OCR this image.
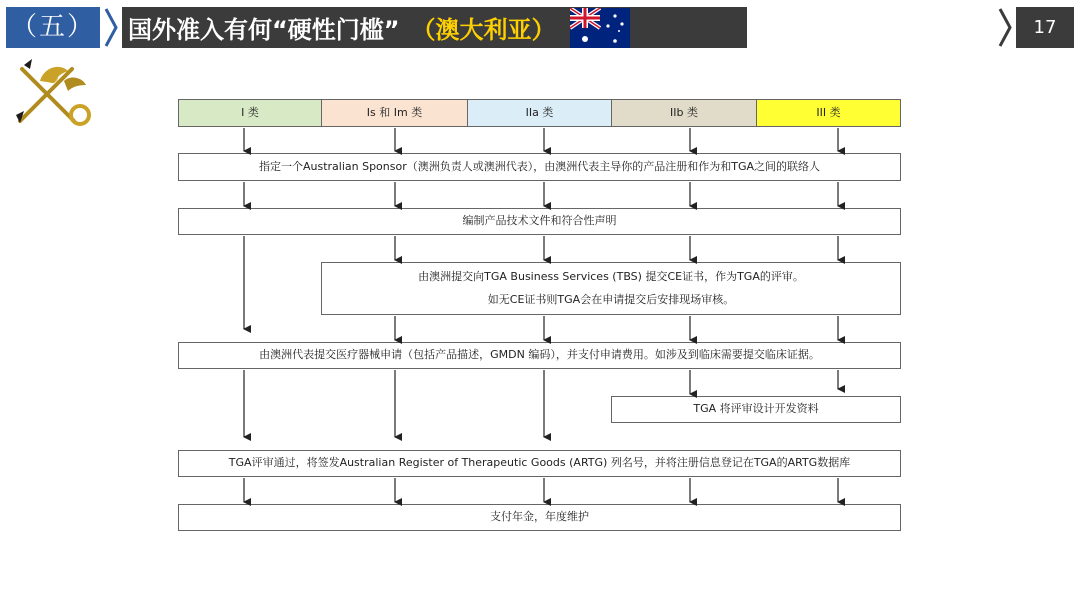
（五） 国外准入有何“硬性门槛” （澳大利亚）	17
I 类	Is 和 Im 类	IIa 类	IIb 类	III 类
指定一个Australian Sponsor（澳洲负责人或澳洲代表），由澳洲代表主导你的产品注册和作为和TGA之间的联络人
编制产品技术文件和符合性声明
由澳洲提交向TGA Business Services (TBS) 提交CE证书，作为TGA的评审。
如无CE证书则TGA会在申请提交后安排现场审核。
由澳洲代表提交医疗器械申请（包括产品描述，GMDN 编码），并支付申请费用。如涉及到临床需要提交临床证据。
TGA 将评审设计开发资料
TGA评审通过，将签发Australian Register of Therapeutic Goods (ARTG) 列名号，并将注册信息登记在TGA的ARTG数据库
支付年金，年度维护
